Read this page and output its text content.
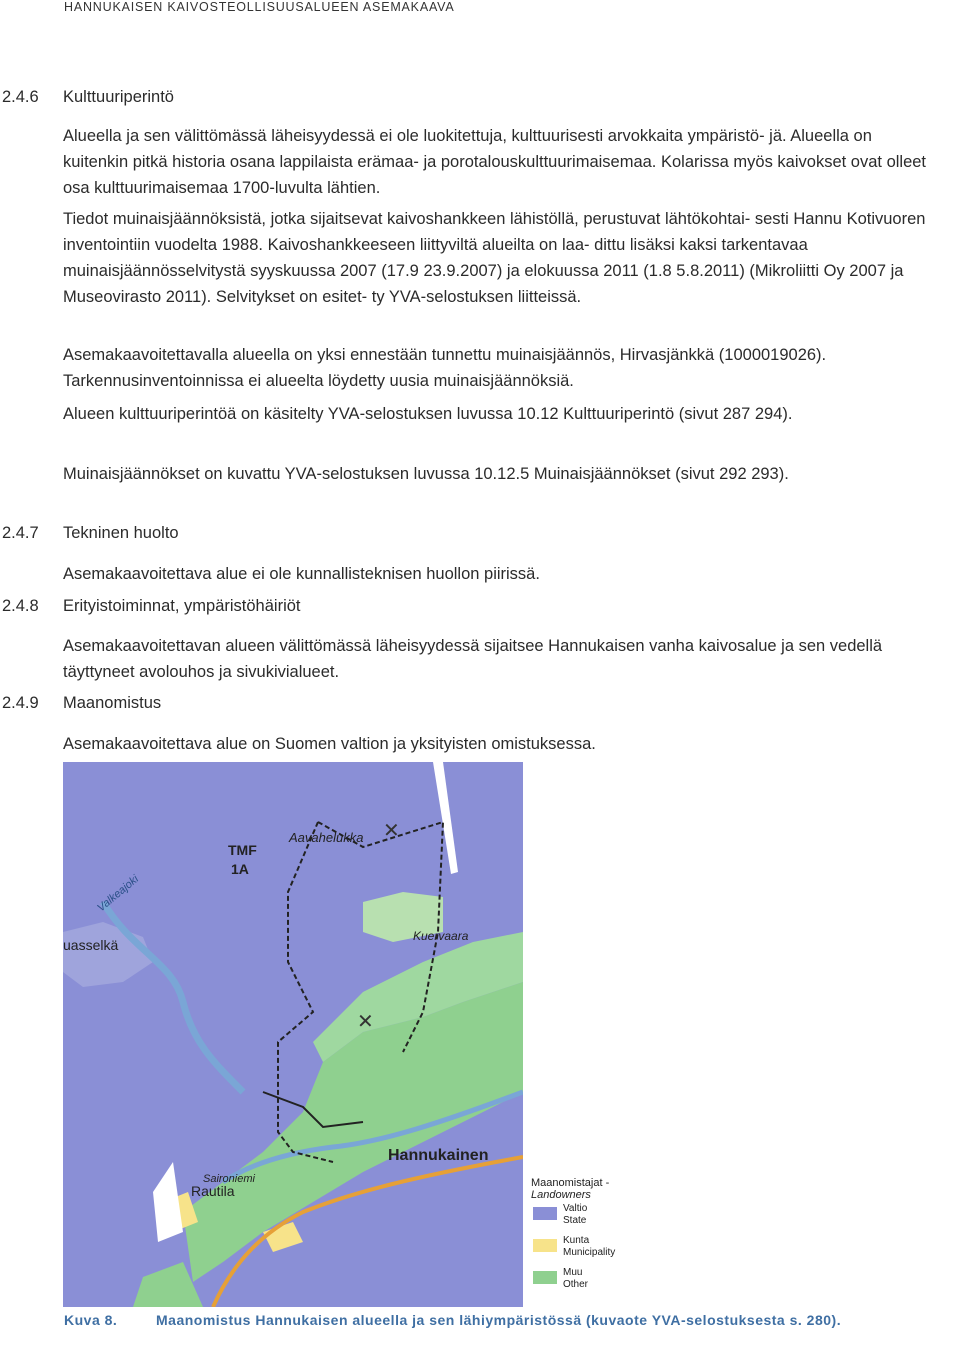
HANNUKAISEN KAIVOSTEOLLISUUSALUEEN ASEMAKAAVA
2.4.6 Kulttuuriperintö
Alueella ja sen välittömässä läheisyydessä ei ole luokitettuja, kulttuurisesti arvokkaita ympäristö- jä. Alueella on kuitenkin pitkä historia osana lappilaista erämaa- ja porotalouskulttuurimaisemaa. Kolarissa myös kaivokset ovat olleet osa kulttuurimaisemaa 1700-luvulta lähtien.
Tiedot muinaisjäännöksistä, jotka sijaitsevat kaivoshankkeen lähistöllä, perustuvat lähtökohtai- sesti Hannu Kotivuoren inventointiin vuodelta 1988. Kaivoshankkeeseen liittyviltä alueilta on laa- dittu lisäksi kaksi tarkentavaa muinaisjäännösselvitystä syyskuussa 2007 (17.9 23.9.2007) ja elokuussa 2011 (1.8 5.8.2011) (Mikroliitti Oy 2007 ja Museovirasto 2011). Selvitykset on esitet- ty YVA-selostuksen liitteissä.
Asemakaavoitettavalla alueella on yksi ennestään tunnettu muinaisjäännös, Hirvasjänkkä (1000019026). Tarkennusinventoinnissa ei alueelta löydetty uusia muinaisjäännöksiä.
Alueen kulttuuriperintöä on käsitelty YVA-selostuksen luvussa 10.12 Kulttuuriperintö (sivut 287 294).
Muinaisjäännökset on kuvattu YVA-selostuksen luvussa 10.12.5 Muinaisjäännökset (sivut 292 293).
2.4.7 Tekninen huolto
Asemakaavoitettava alue ei ole kunnallisteknisen huollon piirissä.
2.4.8 Erityistoiminnat, ympäristöhäiriöt
Asemakaavoitettavan alueen välittömässä läheisyydessä sijaitsee Hannukaisen vanha kaivosalue ja sen vedellä täyttyneet avolouhos ja sivukivialueet.
2.4.9 Maanomistus
Asemakaavoitettava alue on Suomen valtion ja yksityisten omistuksessa.
✕
✕
TMF
1A
Aavahelukka
Kuervaara
Hannukainen
Rautila
Saironiemi
uasselkä
Valkeajoki
Maanomistajat - Landowners
Valtio
State
Kunta
Municipality
Muu
Other
Kuva 8.	Maanomistus Hannukaisen alueella ja sen lähiympäristössä (kuvaote YVA-selostuksesta s. 280).
